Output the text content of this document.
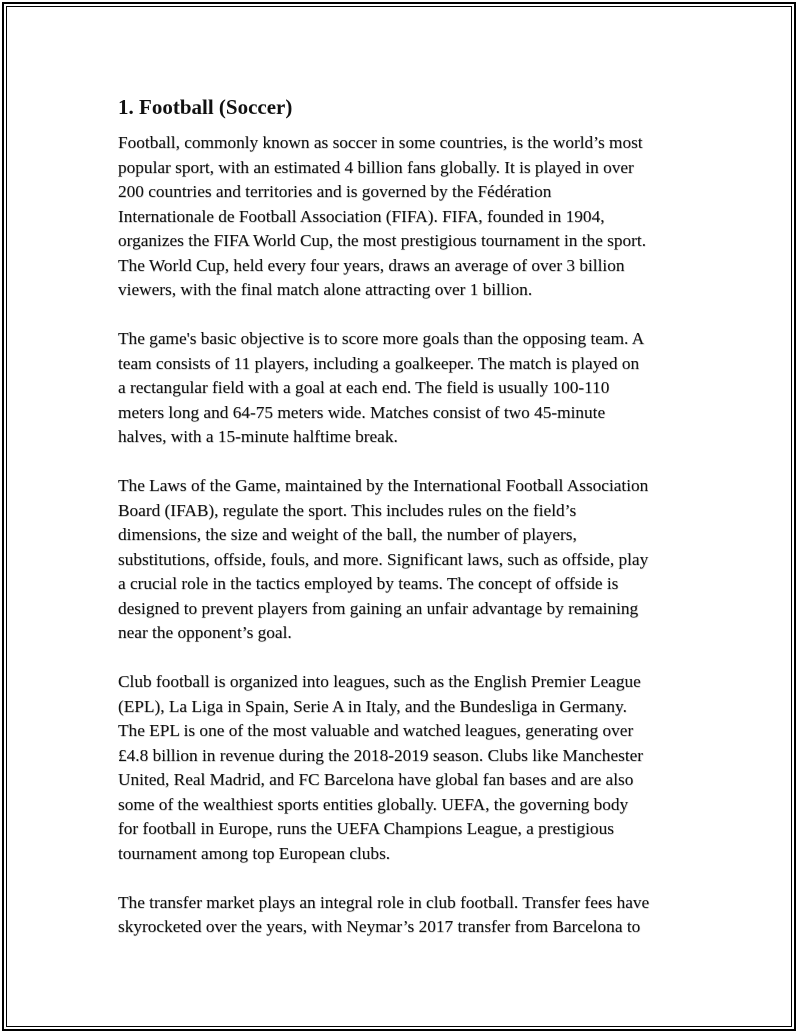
1. Football (Soccer)

Football, commonly known as soccer in some countries, is the world’s most
popular sport, with an estimated 4 billion fans globally. It is played in over
200 countries and territories and is governed by the Fédération
Internationale de Football Association (FIFA). FIFA, founded in 1904,
organizes the FIFA World Cup, the most prestigious tournament in the sport.
The World Cup, held every four years, draws an average of over 3 billion
viewers, with the final match alone attracting over 1 billion.

The game's basic objective is to score more goals than the opposing team. A
team consists of 11 players, including a goalkeeper. The match is played on
a rectangular field with a goal at each end. The field is usually 100-110
meters long and 64-75 meters wide. Matches consist of two 45-minute
halves, with a 15-minute halftime break.

The Laws of the Game, maintained by the International Football Association
Board (IFAB), regulate the sport. This includes rules on the field’s
dimensions, the size and weight of the ball, the number of players,
substitutions, offside, fouls, and more. Significant laws, such as offside, play
a crucial role in the tactics employed by teams. The concept of offside is
designed to prevent players from gaining an unfair advantage by remaining
near the opponent’s goal.

Club football is organized into leagues, such as the English Premier League
(EPL), La Liga in Spain, Serie A in Italy, and the Bundesliga in Germany.
The EPL is one of the most valuable and watched leagues, generating over
£4.8 billion in revenue during the 2018-2019 season. Clubs like Manchester
United, Real Madrid, and FC Barcelona have global fan bases and are also
some of the wealthiest sports entities globally. UEFA, the governing body
for football in Europe, runs the UEFA Champions League, a prestigious
tournament among top European clubs.

The transfer market plays an integral role in club football. Transfer fees have
skyrocketed over the years, with Neymar’s 2017 transfer from Barcelona to
